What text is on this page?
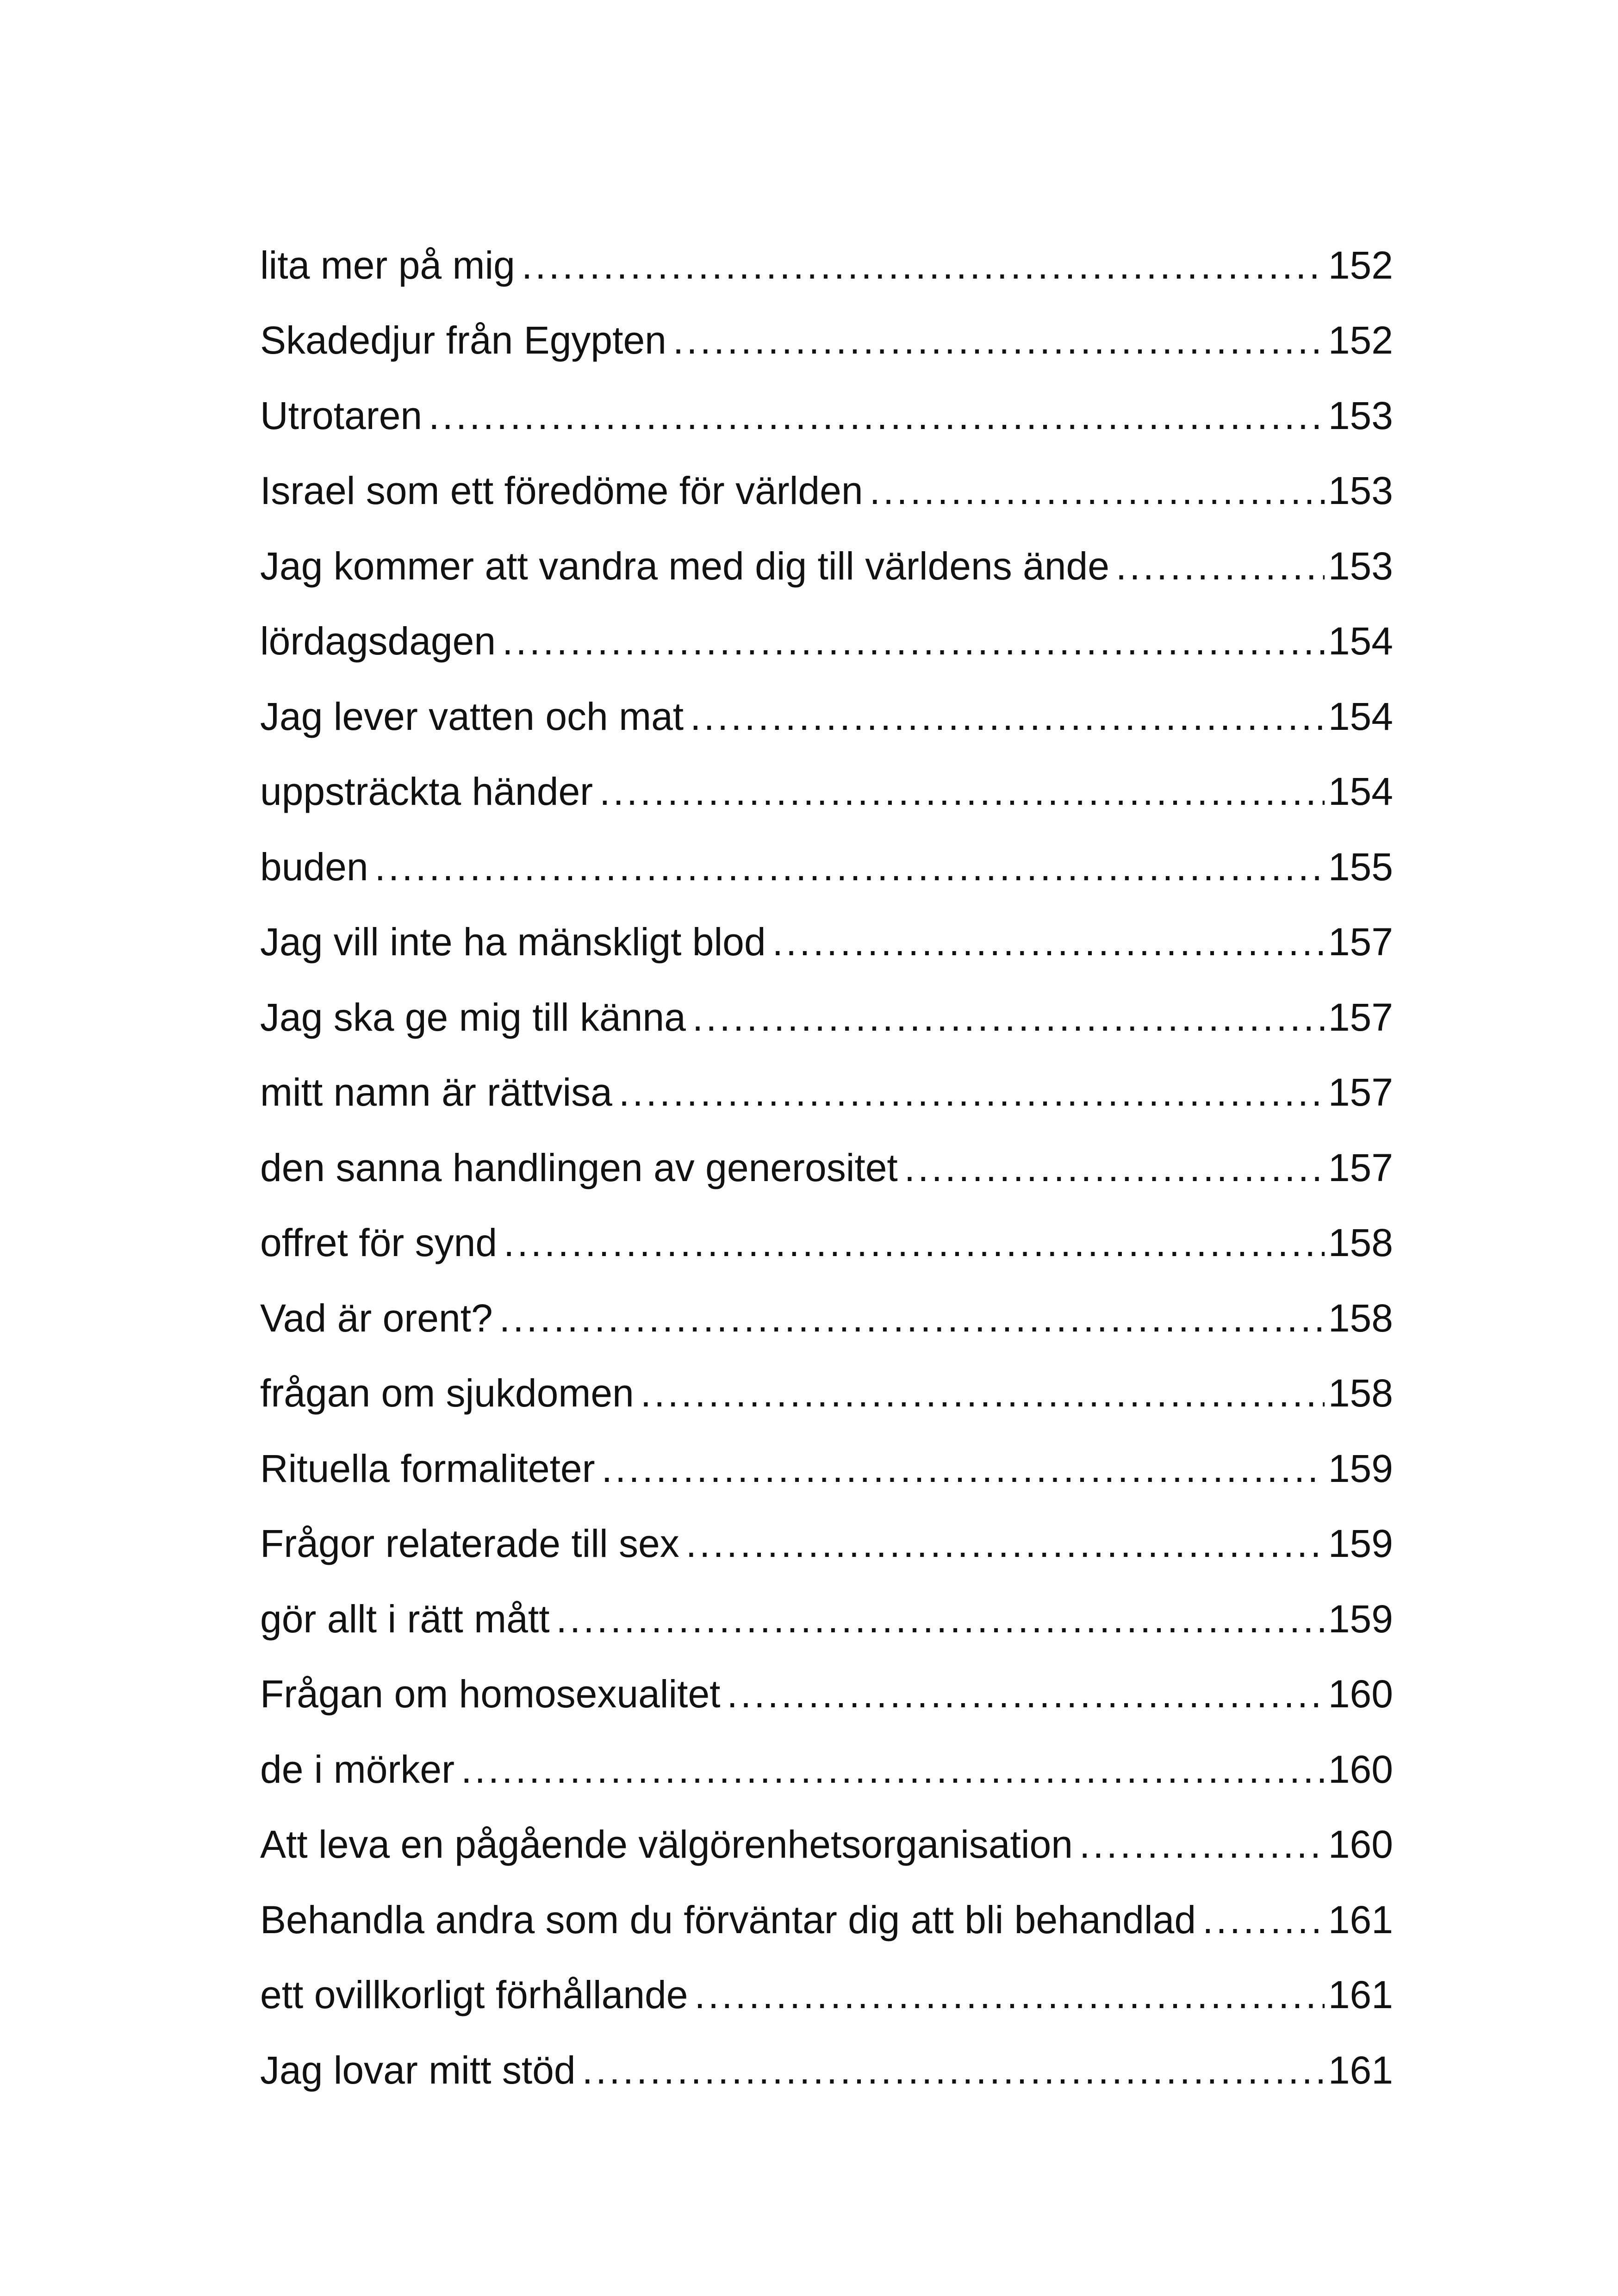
lita mer på mig .....	152
Skadedjur från Egypten .....	152
Utrotaren .....	153
Israel som ett föredöme för världen .....	153
Jag kommer att vandra med dig till världens ände .....	153
lördagsdagen .....	154
Jag lever vatten och mat .....	154
uppsträckta händer .....	154
buden .....	155
Jag vill inte ha mänskligt blod .....	157
Jag ska ge mig till känna .....	157
mitt namn är rättvisa .....	157
den sanna handlingen av generositet .....	157
offret för synd .....	158
Vad är orent? .....	158
frågan om sjukdomen .....	158
Rituella formaliteter .....	159
Frågor relaterade till sex .....	159
gör allt i rätt mått .....	159
Frågan om homosexualitet .....	160
de i mörker .....	160
Att leva en pågående välgörenhetsorganisation .....	160
Behandla andra som du förväntar dig att bli behandlad .....	161
ett ovillkorligt förhållande .....	161
Jag lovar mitt stöd .....	161
